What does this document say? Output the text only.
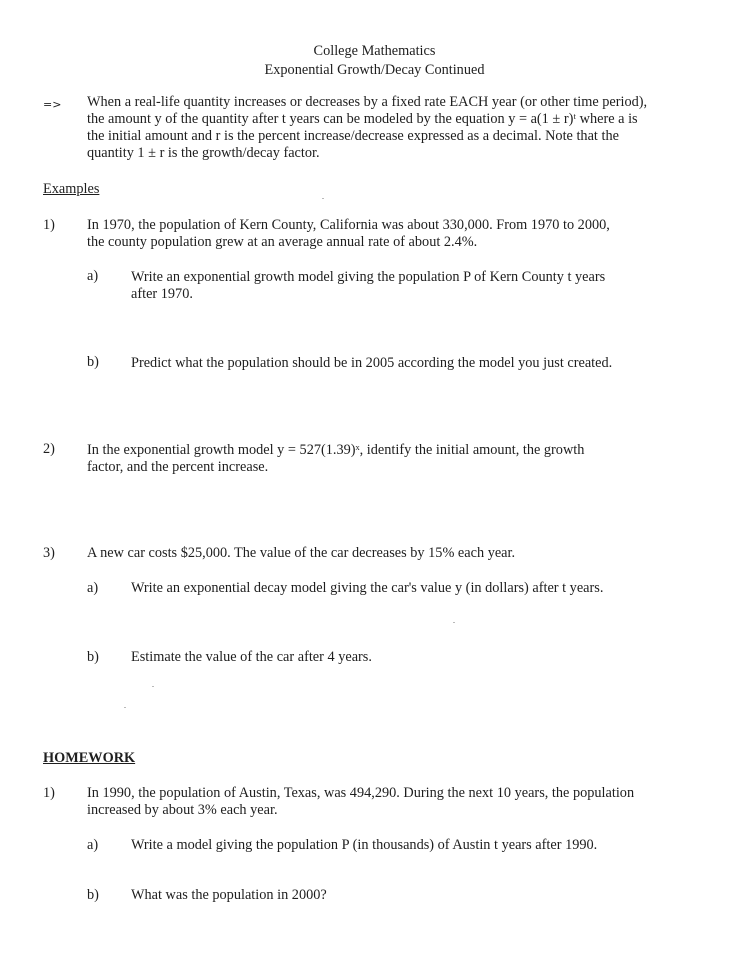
College Mathematics
Exponential Growth/Decay Continued
=> When a real-life quantity increases or decreases by a fixed rate EACH year (or other time period),
the amount y of the quantity after t years can be modeled by the equation y = a(1 ± r)ᵗ where a is
the initial amount and r is the percent increase/decrease expressed as a decimal. Note that the
quantity 1 ± r is the growth/decay factor.
Examples
1) In 1970, the population of Kern County, California was about 330,000. From 1970 to 2000,
the county population grew at an average annual rate of about 2.4%.
a) Write an exponential growth model giving the population P of Kern County t years
after 1970.
b) Predict what the population should be in 2005 according the model you just created.
2) In the exponential growth model y = 527(1.39)ˣ, identify the initial amount, the growth
factor, and the percent increase.
3) A new car costs $25,000. The value of the car decreases by 15% each year.
a) Write an exponential decay model giving the car's value y (in dollars) after t years.
b) Estimate the value of the car after 4 years.
HOMEWORK
1) In 1990, the population of Austin, Texas, was 494,290. During the next 10 years, the population
increased by about 3% each year.
a) Write a model giving the population P (in thousands) of Austin t years after 1990.
b) What was the population in 2000?
